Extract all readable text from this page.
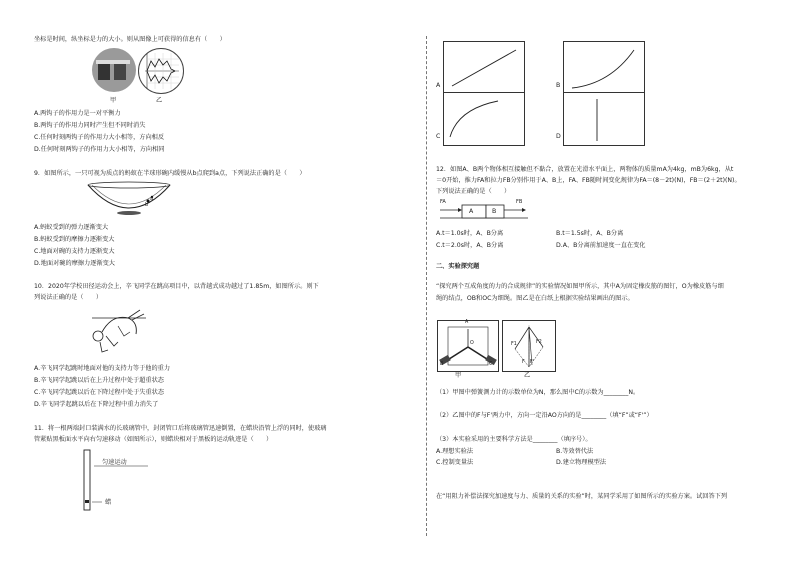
坐标是时间，纵坐标是力的大小。则从图像上可获得的信息有（　　）
甲	乙
A.两钩子的作用力是一对平衡力
B.两钩子的作用力同时产生但不同时消失
C.任何时刻两钩子的作用力大小相等，方向相反
D.任何时刻两钩子的作用力大小相等，方向相同
9．如图所示，一只可视为质点的蚂蚁在半球形碗内缓慢从b点爬到a点，下列说法正确的是（　　）
a
b
A.蚂蚁受到的弹力逐渐变大
B.蚂蚁受到的摩擦力逐渐变大
C.地面对碗的支持力逐渐变大
D.地面对碗的摩擦力逐渐变大
10．2020年学校田径运动会上，辛飞同学在跳高项目中，以背越式成功越过了1.85m，如图所示。则下
列说法正确的是（　　）
A.辛飞同学起跳时地面对他的支持力等于他的重力
B.辛飞同学起跳以后在上升过程中处于超重状态
C.辛飞同学起跳以后在下降过程中处于失重状态
D.辛飞同学起跳以后在下降过程中重力消失了
11．将一根两端封口装满水的长玻璃管中，封闭管口后将玻璃管迅速倒置，在蜡块沿管上浮的同时，使玻璃
管紧贴黑板面水平向右匀速移动（如图所示），则蜡块相对于黑板的运动轨迹是（　　）
匀速运动
蜡
A	B
C	D
12．如图A、B两个物体相互接触但不黏合，放置在光滑水平面上，两物体的质量mA为4kg，mB为6kg，从t
＝0开始，推力FA和拉力FB分别作用于A、B上，FA、FB随时间变化规律为FA＝(8－2t)(N)，FB＝(2＋2t)(N)。
下列说法正确的是（　　）
FA
A	B
FB
A.t＝1.0s时，A、B分离	B.t＝1.5s时，A、B分离
C.t＝2.0s时，A、B分离	D.A、B分离前加速度一直在变化
二、实验探究题
“探究两个互成角度的力的合成规律”的实验情况如图甲所示，其中A为固定橡皮筋的图钉，O为橡皮筋与细
绳的结点，OB和OC为细绳。图乙是在白纸上根据实验结果画出的图示。
A
O
B	C
甲
F1	F2
F F'
乙
（1）甲图中弹簧测力计的示数单位为N，那么图中C的示数为________N。
（2）乙图中的F与F'两力中，方向一定沿AO方向的是________（填“F”或“F'”）
（3）本实验采用的主要科学方法是________（填序号）。
A.理想实验法	B.等效替代法
C.控制变量法	D.建立物理模型法
在“用阻力补偿法探究加速度与力、质量的关系的实验”时，某同学采用了如图所示的实验方案。试回答下列
